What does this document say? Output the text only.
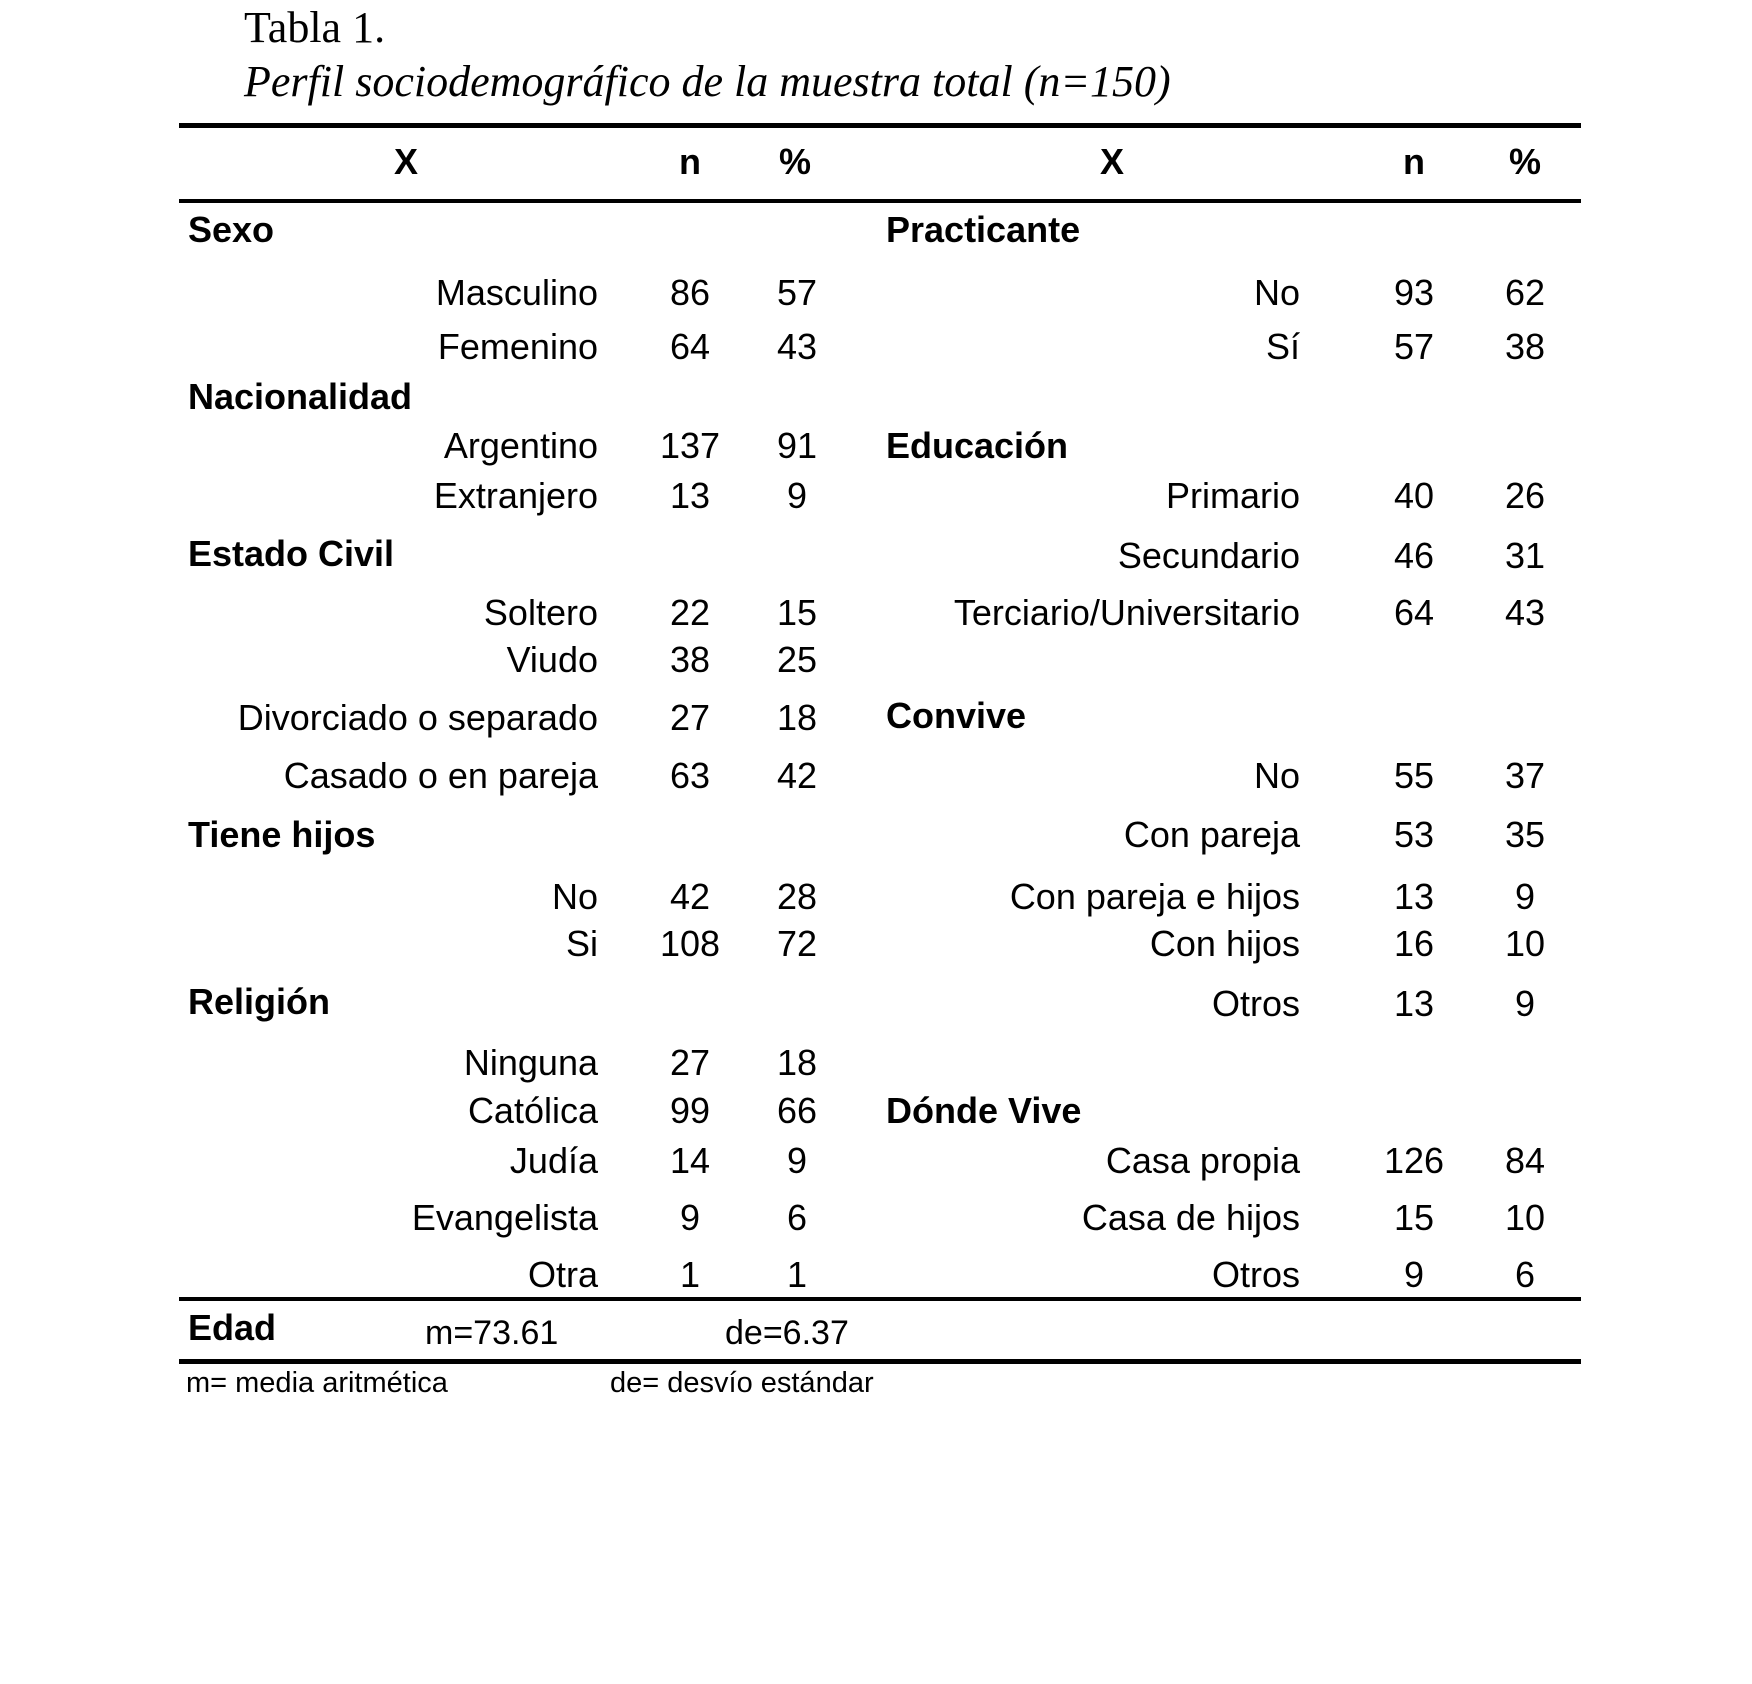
Tabla 1.
Perfil sociodemográfico de la muestra total (n=150)
X	n	%	X	n	%
Sexo
Masculino	86	57
Femenino	64	43
Nacionalidad
Argentino	137	91
Extranjero	13	9
Estado Civil
Soltero	22	15
Viudo	38	25
Divorciado o separado	27	18
Casado o en pareja	63	42
Tiene hijos
No	42	28
Si	108	72
Religión
Ninguna	27	18
Católica	99	66
Judía	14	9
Evangelista	9	6
Otra	1	1
Practicante
No	93	62
Sí	57	38
Educación
Primario	40	26
Secundario	46	31
Terciario/Universitario	64	43
Convive
No	55	37
Con pareja	53	35
Con pareja e hijos	13	9
Con hijos	16	10
Otros	13	9
Dónde Vive
Casa propia	126	84
Casa de hijos	15	10
Otros	9	6
Edad	m=73.61	de=6.37
m= media aritmética	de= desvío estándar
